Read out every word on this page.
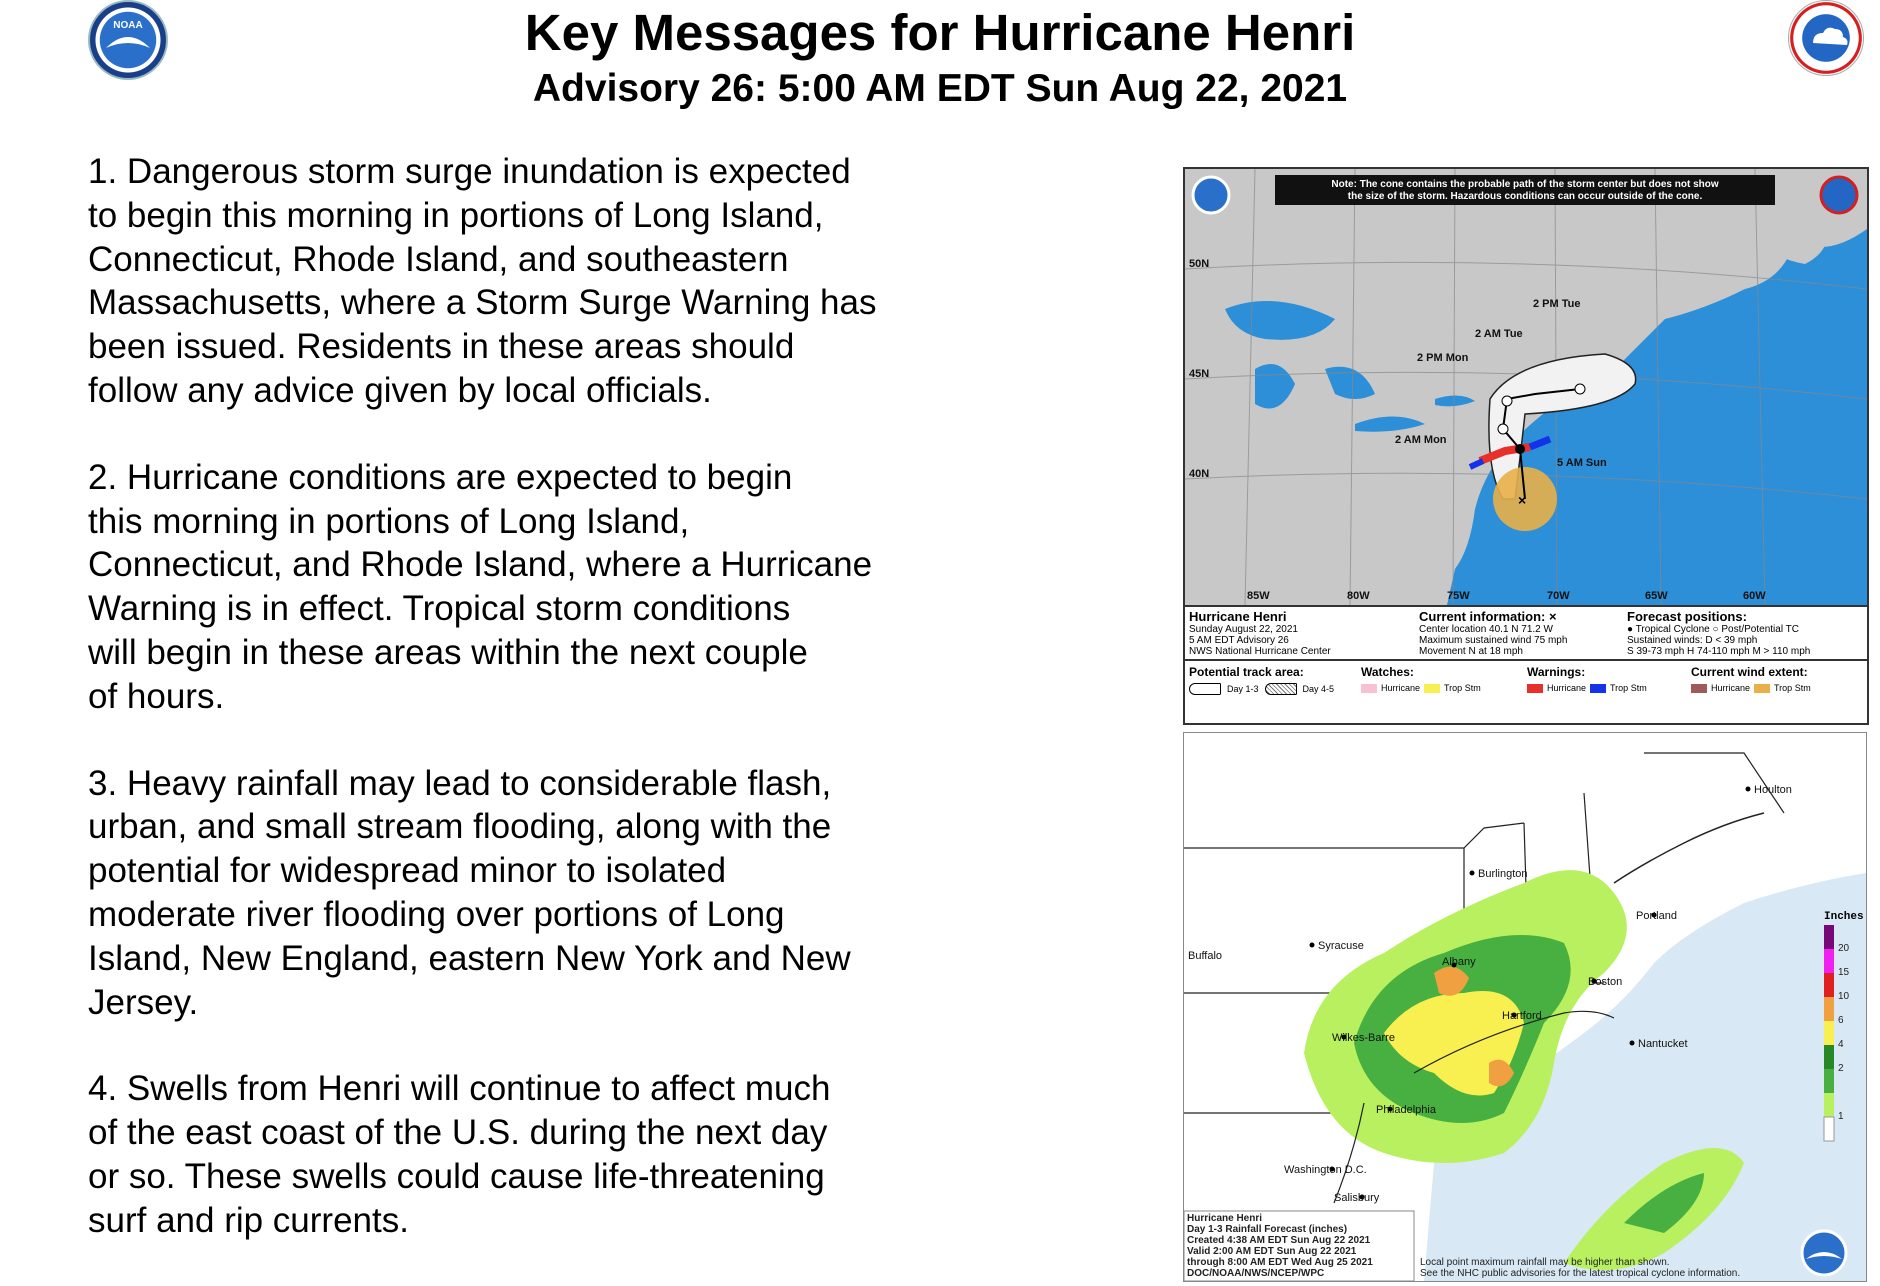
NOAA	Key Messages for Hurricane Henri
Advisory 26: 5:00 AM EDT Sun Aug 22, 2021
1. Dangerous storm surge inundation is expected
to begin this morning in portions of Long Island,
Connecticut, Rhode Island, and southeastern
Massachusetts, where a Storm Surge Warning has
been issued. Residents in these areas should
follow any advice given by local officials.
2. Hurricane conditions are expected to begin
this morning in portions of Long Island,
Connecticut, and Rhode Island, where a Hurricane
Warning is in effect. Tropical storm conditions
will begin in these areas within the next couple
of hours.
3. Heavy rainfall may lead to considerable flash,
urban, and small stream flooding, along with the
potential for widespread minor to isolated
moderate river flooding over portions of Long
Island, New England, eastern New York and New
Jersey.
4. Swells from Henri will continue to affect much
of the east coast of the U.S. during the next day
or so. These swells could cause life-threatening
surf and rip currents.
×
Note: The cone contains the probable path of the storm center but does not show
the size of the storm. Hazardous conditions can occur outside of the cone.
50N
45N
40N
85W	80W	75W	70W	65W	60W
2 PM Tue
2 AM Tue
2 PM Mon
2 AM Mon
5 AM Sun
Hurricane Henri
Sunday August 22, 2021
5 AM EDT Advisory 26
NWS National Hurricane Center
Current information: ×
Center location 40.1 N 71.2 W
Maximum sustained wind 75 mph
Movement N at 18 mph
Forecast positions:
● Tropical Cyclone ○ Post/Potential TC
Sustained winds: D < 39 mph
S 39-73 mph H 74-110 mph M > 110 mph
Potential track area:
Day 1-3	Day 4-5
Watches:
Hurricane	Trop Stm
Warnings:
Hurricane	Trop Stm
Current wind extent:
Hurricane	Trop Stm
Houlton
Burlington
Portland
Syracuse
Buffalo	Albany
Boston
Hartford
Wilkes-Barre	Nantucket
Philadelphia
Washington D.C.
Salisbury
Inches
20
15
10
6
4
2
1
Hurricane Henri
Day 1-3 Rainfall Forecast (inches)
Created 4:38 AM EDT Sun Aug 22 2021
Valid 2:00 AM EDT Sun Aug 22 2021
through 8:00 AM EDT Wed Aug 25 2021
DOC/NOAA/NWS/NCEP/WPC
Local point maximum rainfall may be higher than shown.
See the NHC public advisories for the latest tropical cyclone information.
